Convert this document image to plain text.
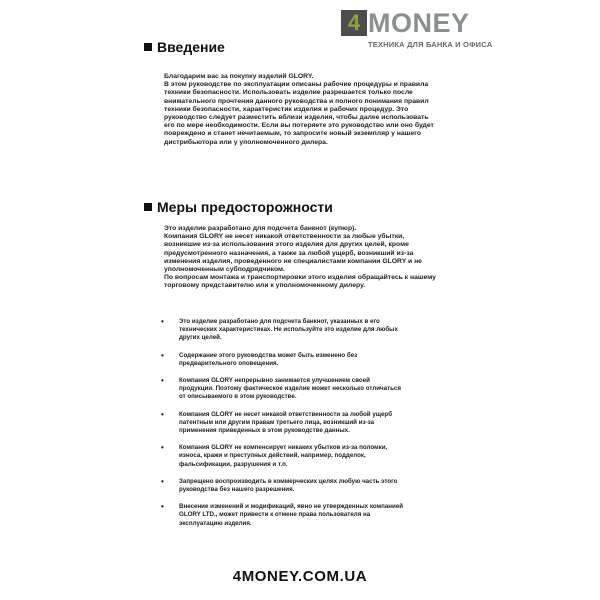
4 MONEY
ТЕХНИКА ДЛЯ БАНКА И ОФИСА
Введение
Благодарим вас за покупку изделий GLORY.
В этом руководстве по эксплуатации описаны рабочие процедуры и правила
техники безопасности. Использовать изделие разрешается только после
внимательного прочтения данного руководства и полного понимания правил
техники безопасности, характеристик изделия и рабочих процедур. Это
руководство следует разместить вблизи изделия, чтобы далее использовать
его по мере необходимости. Если вы потеряете это руководство или оно будет
повреждено и станет нечитаемым, то запросите новый экземпляр у нашего
дистрибьютора или у уполномоченного дилера.
Меры предосторожности
Это изделие разработано для подсчета банкнот (купюр).
Компания GLORY не несет никакой ответственности за любые убытки,
возникшие из-за использования этого изделия для других целей, кроме
предусмотренного назначения, а также за любой ущерб, возникший из-за
изменения изделия, проведенного не специалистами компании GLORY и не
уполномоченным субподрядчиком.
По вопросам монтажа и транспортировки этого изделия обращайтесь к нашему
торговому представителю или к уполномоченному дилеру.
• Это изделие разработано для подсчета банкнот, указанных в его
технических характеристиках. Не используйте это изделие для любых
других целей.
• Содержание этого руководства может быть изменено без
предварительного оповещения.
• Компания GLORY непрерывно занимается улучшением своей
продукции. Поэтому фактическое изделие может несколько отличаться
от описываемого в этом руководстве.
• Компания GLORY не несет никакой ответственности за любой ущерб
патентным или другим правам третьего лица, возникший из-за
применения приведенных в этом руководстве данных.
• Компания GLORY не компенсирует никаких убытков из-за поломки,
износа, кражи и преступных действий, например, подделок,
фальсификации, разрушения и т.п.
• Запрещено воспроизводить в коммерческих целях любую часть этого
руководства без нашего разрешения.
• Внесение изменений и модификаций, явно не утвержденных компанией
GLORY LTD., может привести к отмене права пользователя на
эксплуатацию изделия.
4MONEY.COM.UA
